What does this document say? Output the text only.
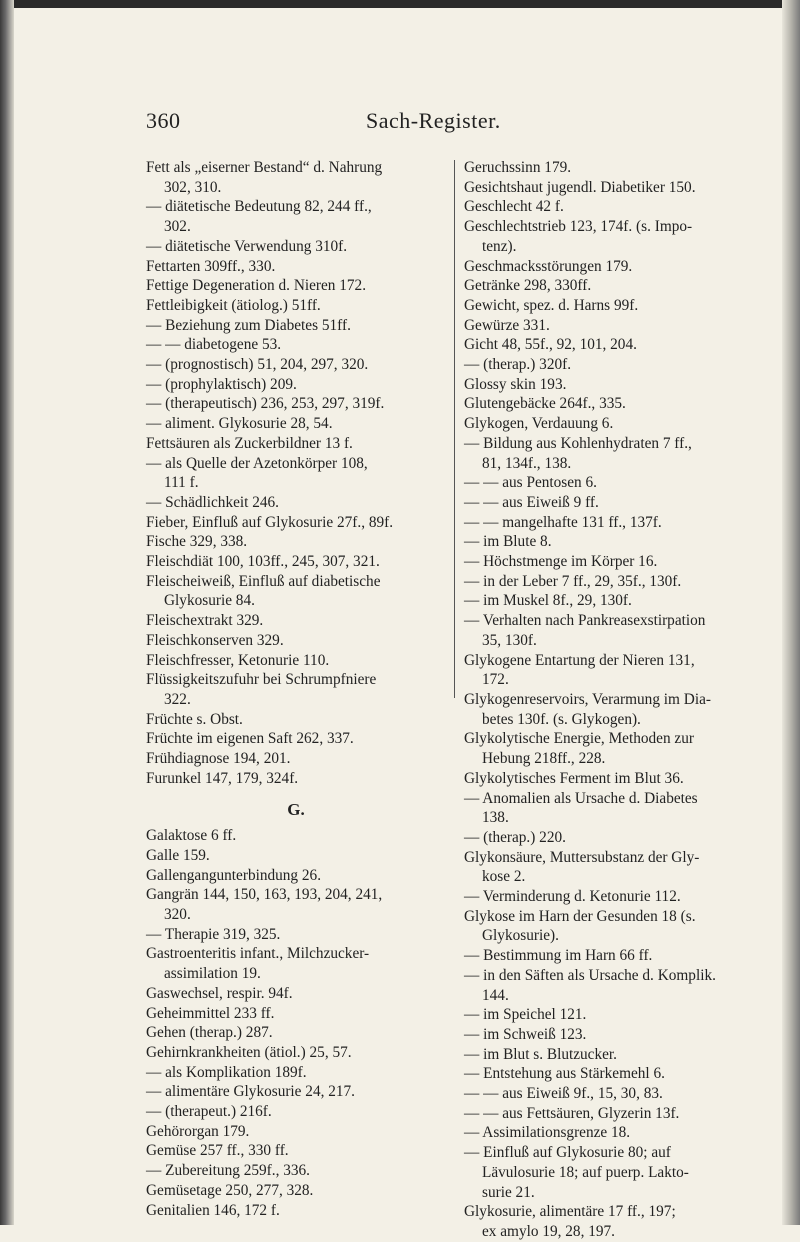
360	Sach-Register.
Fett als „eiserner Bestand“ d. Nahrung
302, 310.
— diätetische Bedeutung 82, 244 ff.,
302.
— diätetische Verwendung 310f.
Fettarten 309ff., 330.
Fettige Degeneration d. Nieren 172.
Fettleibigkeit (ätiolog.) 51ff.
— Beziehung zum Diabetes 51ff.
— — diabetogene 53.
— (prognostisch) 51, 204, 297, 320.
— (prophylaktisch) 209.
— (therapeutisch) 236, 253, 297, 319f.
— aliment. Glykosurie 28, 54.
Fettsäuren als Zuckerbildner 13 f.
— als Quelle der Azetonkörper 108,
111 f.
— Schädlichkeit 246.
Fieber, Einfluß auf Glykosurie 27f., 89f.
Fische 329, 338.
Fleischdiät 100, 103ff., 245, 307, 321.
Fleischeiweiß, Einfluß auf diabetische
Glykosurie 84.
Fleischextrakt 329.
Fleischkonserven 329.
Fleischfresser, Ketonurie 110.
Flüssigkeitszufuhr bei Schrumpfniere
322.
Früchte s. Obst.
Früchte im eigenen Saft 262, 337.
Frühdiagnose 194, 201.
Furunkel 147, 179, 324f.
G.
Galaktose 6 ff.
Galle 159.
Gallengangunterbindung 26.
Gangrän 144, 150, 163, 193, 204, 241,
320.
— Therapie 319, 325.
Gastroenteritis infant., Milchzucker-
assimilation 19.
Gaswechsel, respir. 94f.
Geheimmittel 233 ff.
Gehen (therap.) 287.
Gehirnkrankheiten (ätiol.) 25, 57.
— als Komplikation 189f.
— alimentäre Glykosurie 24, 217.
— (therapeut.) 216f.
Gehörorgan 179.
Gemüse 257 ff., 330 ff.
— Zubereitung 259f., 336.
Gemüsetage 250, 277, 328.
Genitalien 146, 172 f.
Geruchssinn 179.
Gesichtshaut jugendl. Diabetiker 150.
Geschlecht 42 f.
Geschlechtstrieb 123, 174f. (s. Impo-
tenz).
Geschmacksstörungen 179.
Getränke 298, 330ff.
Gewicht, spez. d. Harns 99f.
Gewürze 331.
Gicht 48, 55f., 92, 101, 204.
— (therap.) 320f.
Glossy skin 193.
Glutengebäcke 264f., 335.
Glykogen, Verdauung 6.
— Bildung aus Kohlenhydraten 7 ff.,
81, 134f., 138.
— — aus Pentosen 6.
— — aus Eiweiß 9 ff.
— — mangelhafte 131 ff., 137f.
— im Blute 8.
— Höchstmenge im Körper 16.
— in der Leber 7 ff., 29, 35f., 130f.
— im Muskel 8f., 29, 130f.
— Verhalten nach Pankreasexstirpation
35, 130f.
Glykogene Entartung der Nieren 131,
172.
Glykogenreservoirs, Verarmung im Dia-
betes 130f. (s. Glykogen).
Glykolytische Energie, Methoden zur
Hebung 218ff., 228.
Glykolytisches Ferment im Blut 36.
— Anomalien als Ursache d. Diabetes
138.
— (therap.) 220.
Glykonsäure, Muttersubstanz der Gly-
kose 2.
— Verminderung d. Ketonurie 112.
Glykose im Harn der Gesunden 18 (s.
Glykosurie).
— Bestimmung im Harn 66 ff.
— in den Säften als Ursache d. Komplik.
144.
— im Speichel 121.
— im Schweiß 123.
— im Blut s. Blutzucker.
— Entstehung aus Stärkemehl 6.
— — aus Eiweiß 9f., 15, 30, 83.
— — aus Fettsäuren, Glyzerin 13f.
— Assimilationsgrenze 18.
— Einfluß auf Glykosurie 80; auf
Lävulosurie 18; auf puerp. Lakto-
surie 21.
Glykosurie, alimentäre 17 ff., 197;
ex amylo 19, 28, 197.
